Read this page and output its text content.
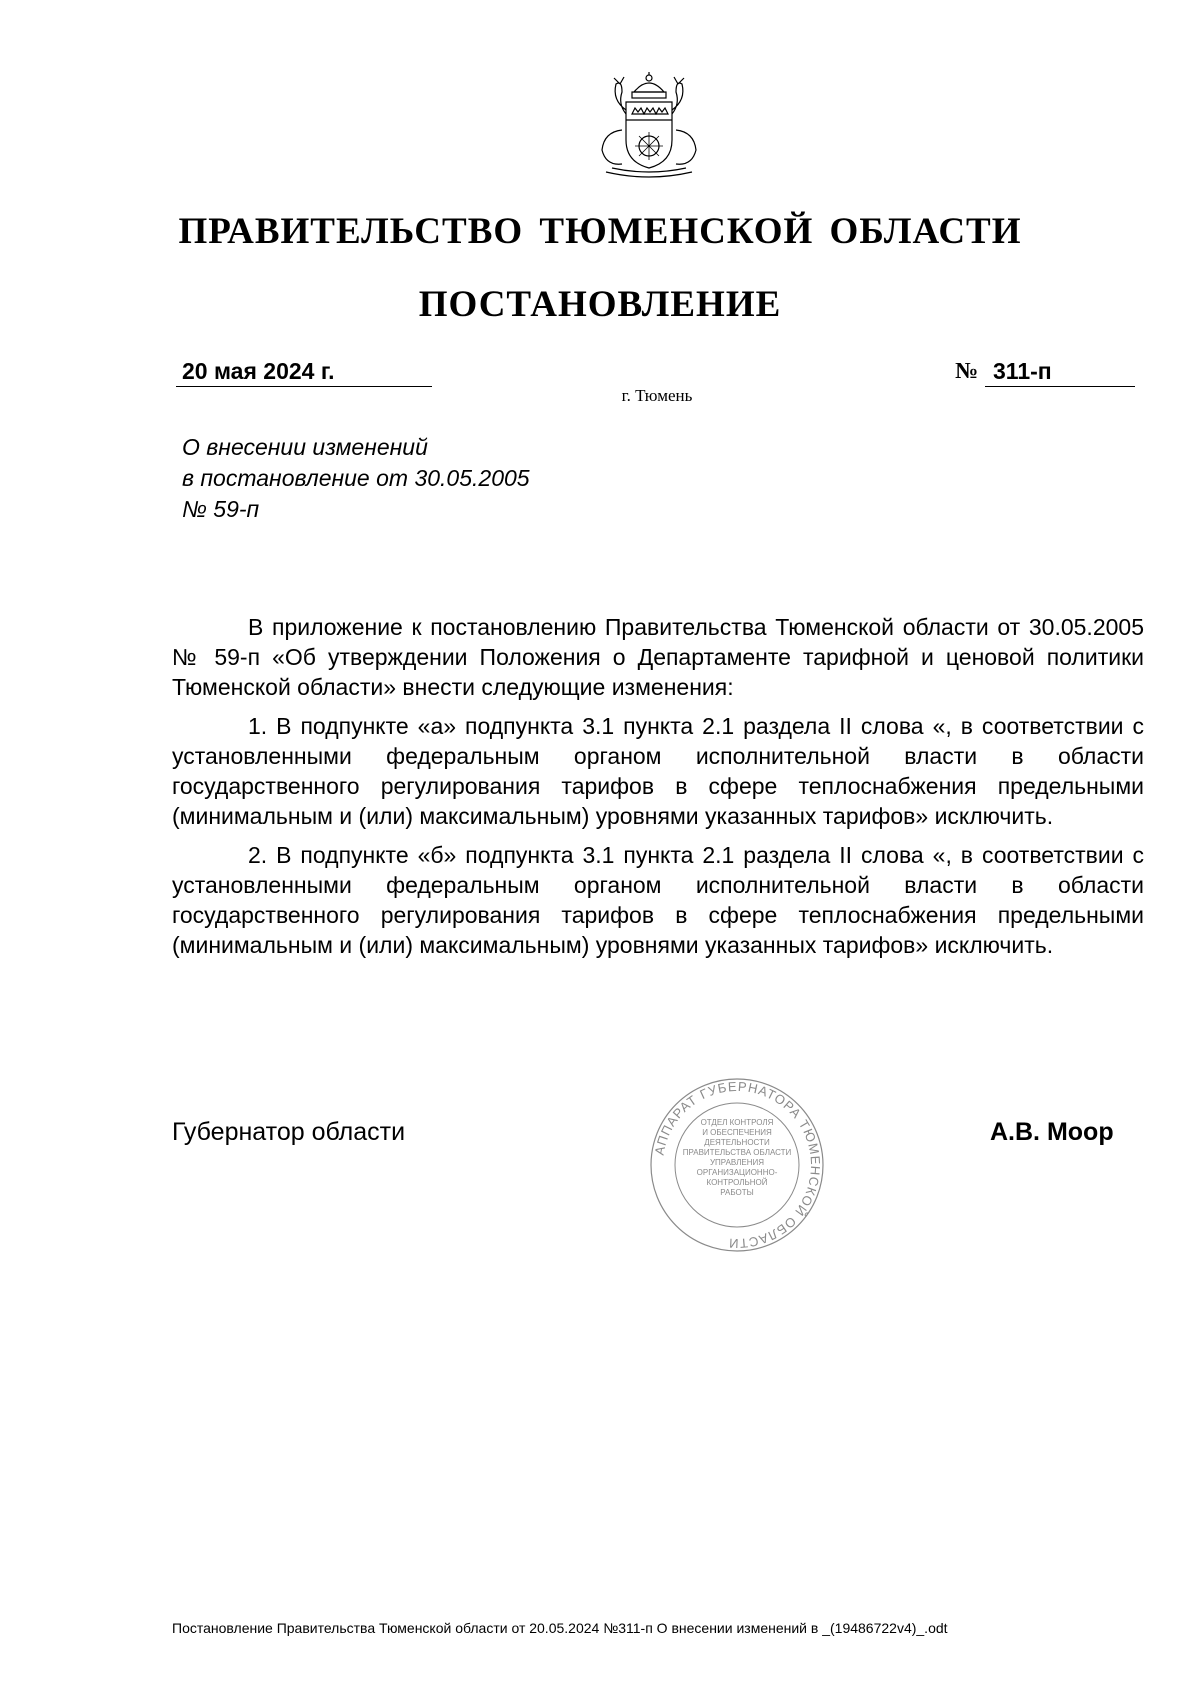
ПРАВИТЕЛЬСТВО ТЮМЕНСКОЙ ОБЛАСТИ
ПОСТАНОВЛЕНИЕ
20 мая 2024 г.	№ 311-п
г. Тюмень
О внесении изменений
в постановление от 30.05.2005
№ 59-п

В приложение к постановлению Правительства Тюменской области от 30.05.2005 № 59-п «Об утверждении Положения о Департаменте тарифной и ценовой политики Тюменской области» внести следующие изменения:

1. В подпункте «а» подпункта 3.1 пункта 2.1 раздела II слова «, в соответствии с установленными федеральным органом исполнительной власти в области государственного регулирования тарифов в сфере теплоснабжения предельными (минимальным и (или) максимальным) уровнями указанных тарифов» исключить.

2. В подпункте «б» подпункта 3.1 пункта 2.1 раздела II слова «, в соответствии с установленными федеральным органом исполнительной власти в области государственного регулирования тарифов в сфере теплоснабжения предельными (минимальным и (или) максимальным) уровнями указанных тарифов» исключить.

Губернатор области
АППАРАТ ГУБЕРНАТОРА ТЮМЕНСКОЙ ОБЛАСТИ
ОТДЕЛ КОНТРОЛЯ
И ОБЕСПЕЧЕНИЯ
ДЕЯТЕЛЬНОСТИ
ПРАВИТЕЛЬСТВА ОБЛАСТИ
УПРАВЛЕНИЯ
ОРГАНИЗАЦИОННО-
КОНТРОЛЬНОЙ
РАБОТЫ
А.В. Моор
Постановление Правительства Тюменской области от 20.05.2024 №311-п О внесении изменений в _(19486722v4)_.odt
